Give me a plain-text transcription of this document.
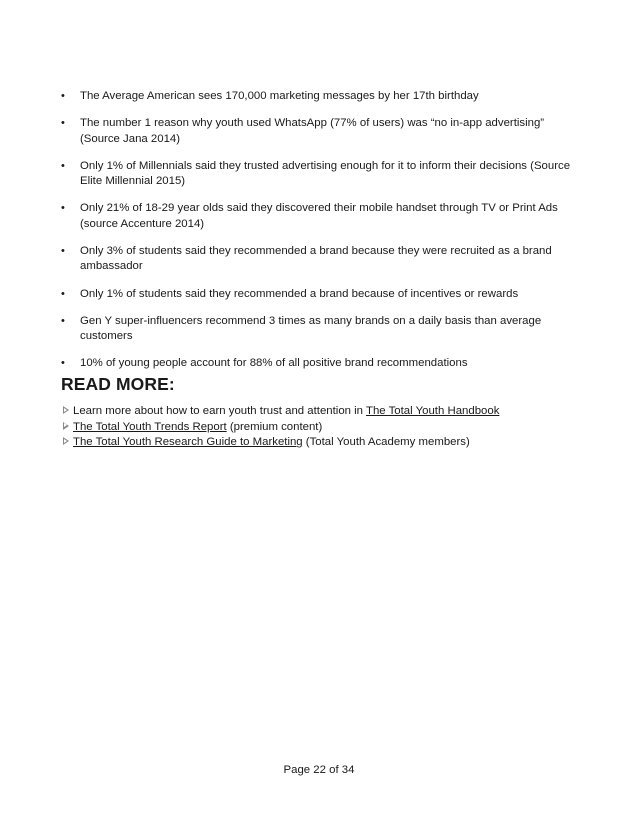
• The Average American sees 170,000 marketing messages by her 17th birthday
• The number 1 reason why youth used WhatsApp (77% of users) was “no in-app advertising” (Source Jana 2014)
• Only 1% of Millennials said they trusted advertising enough for it to inform their decisions (Source Elite Millennial 2015)
• Only 21% of 18-29 year olds said they discovered their mobile handset through TV or Print Ads (source Accenture 2014)
• Only 3% of students said they recommended a brand because they were recruited as a brand ambassador
• Only 1% of students said they recommended a brand because of incentives or rewards
• Gen Y super-influencers recommend 3 times as many brands on a daily basis than average customers
• 10% of young people account for 88% of all positive brand recommendations
READ MORE:
Learn more about how to earn youth trust and attention in The Total Youth Handbook
The Total Youth Trends Report (premium content)
The Total Youth Research Guide to Marketing (Total Youth Academy members)
Page 22 of 34
